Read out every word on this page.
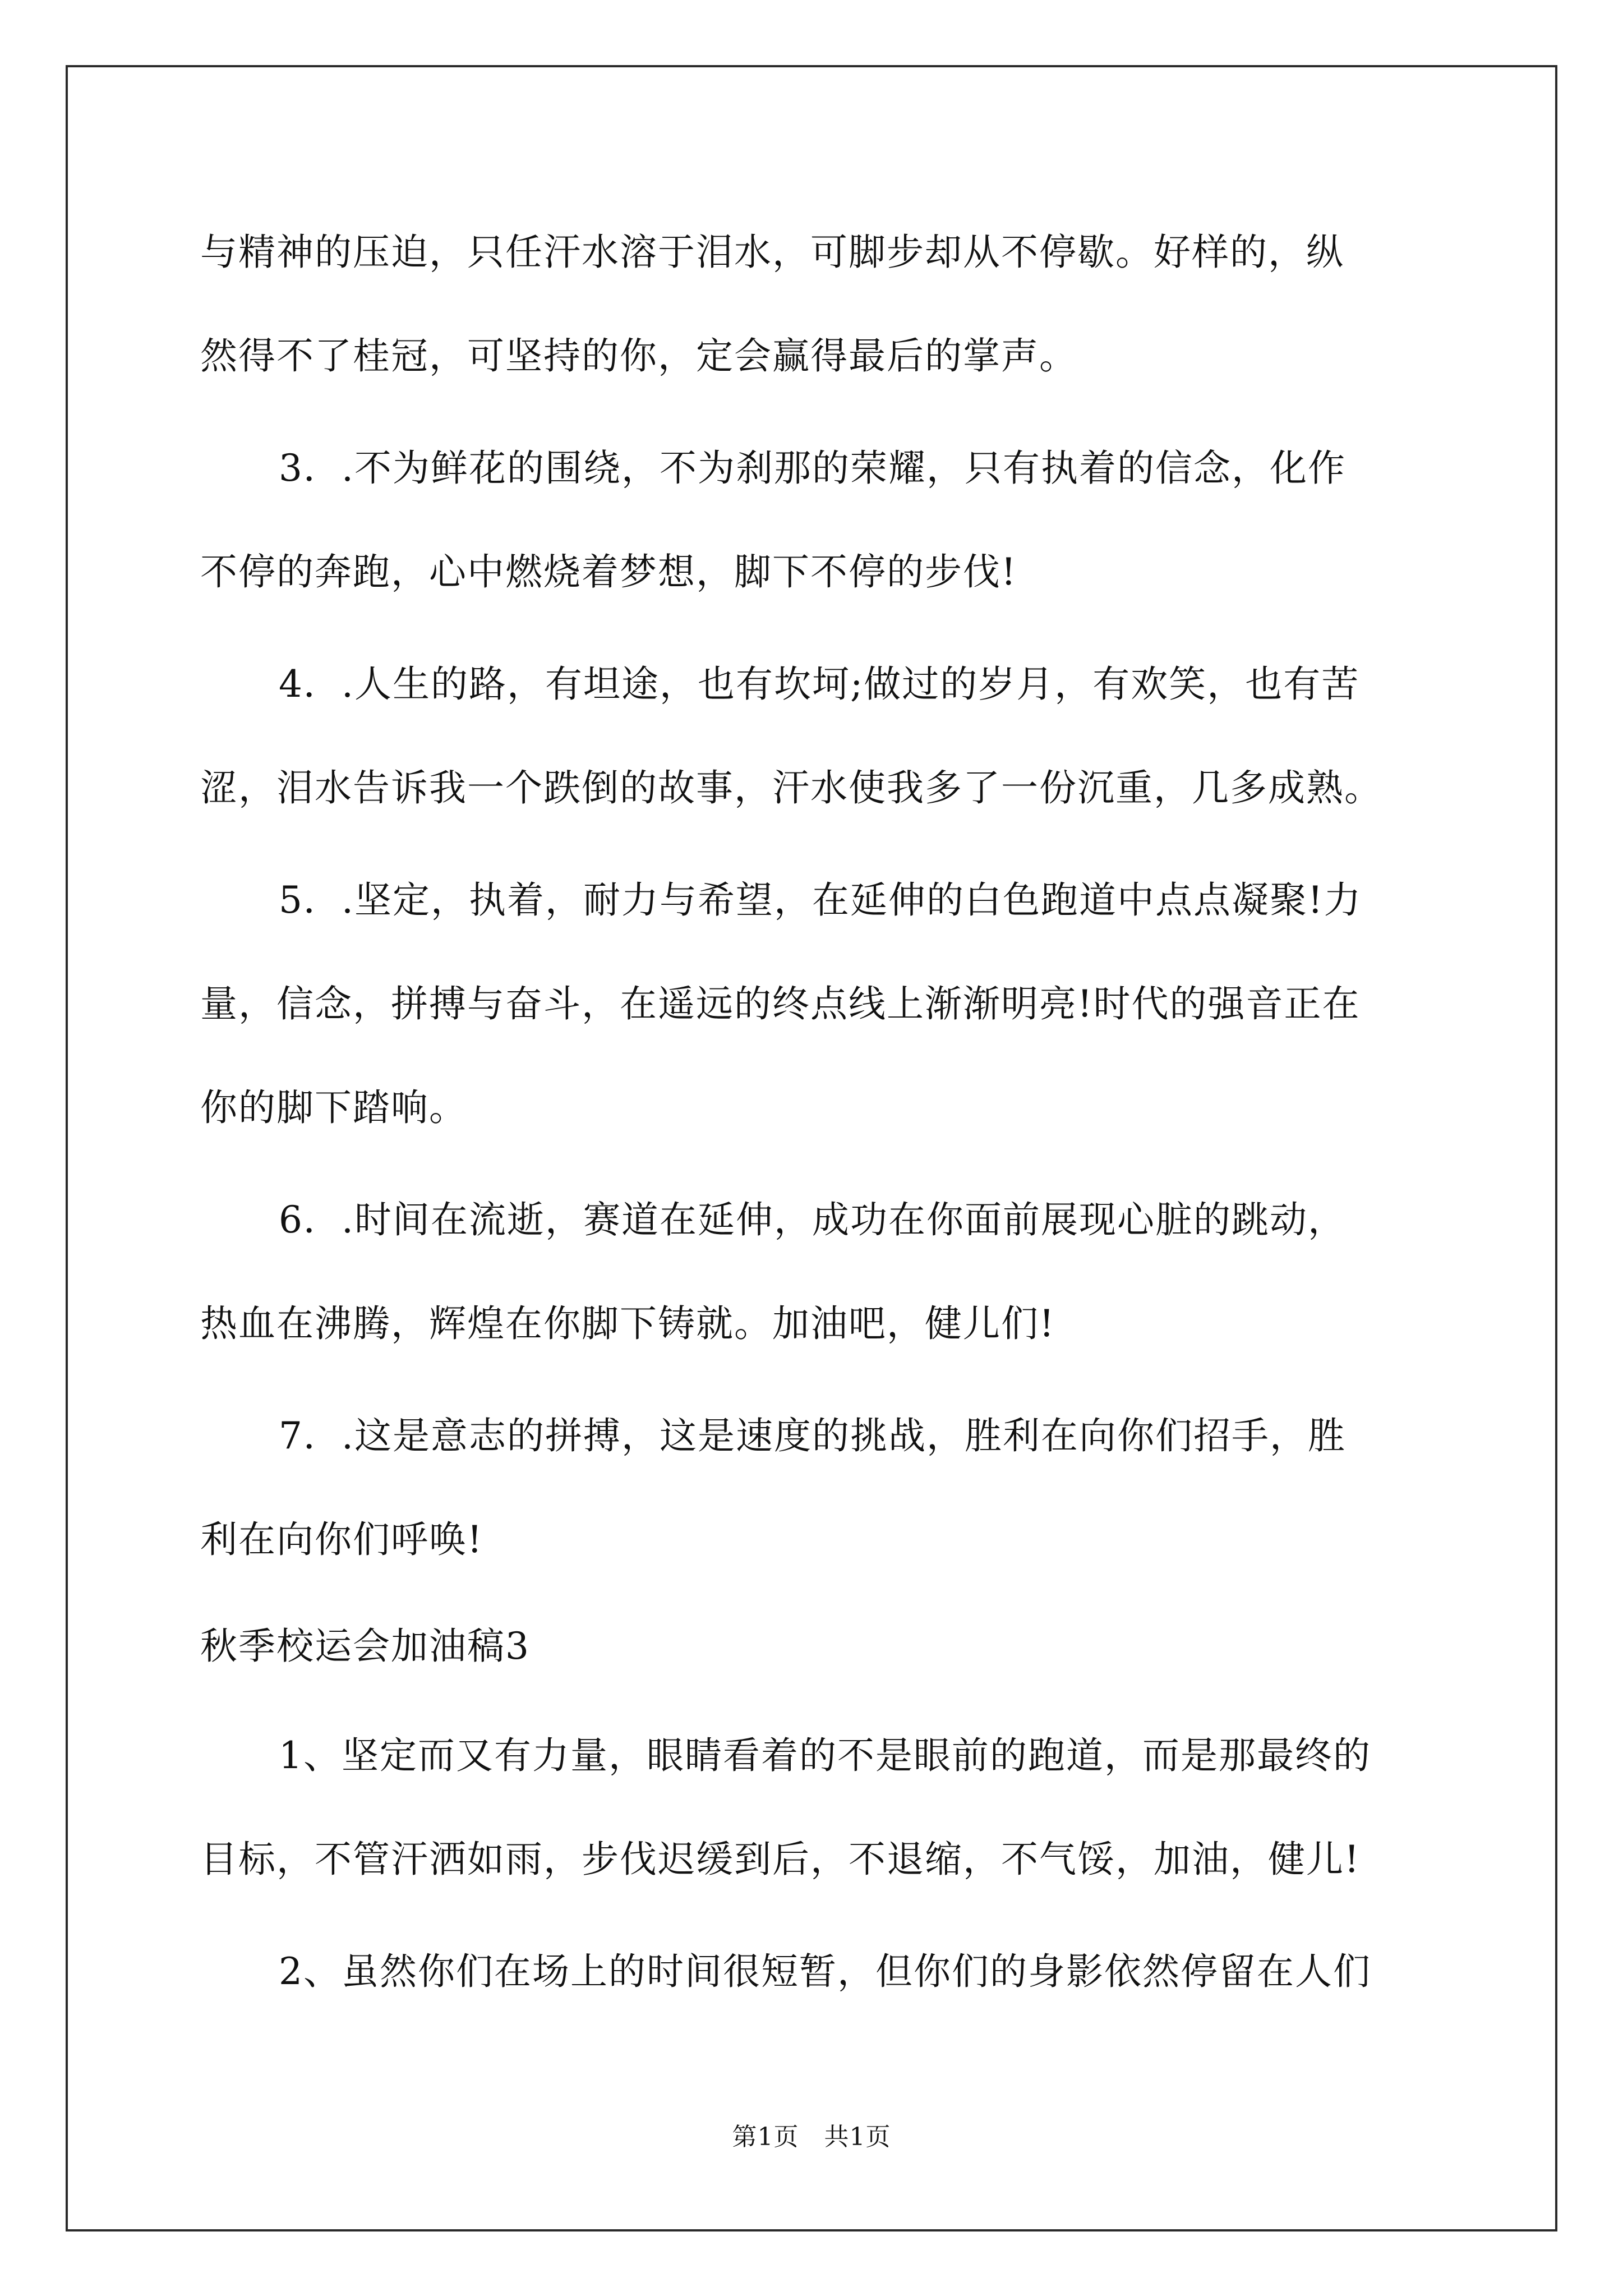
与精神的压迫，只任汗水溶于泪水，可脚步却从不停歇。好样的，纵
然得不了桂冠，可坚持的你，定会赢得最后的掌声。
3．.不为鲜花的围绕，不为刹那的荣耀，只有执着的信念，化作
不停的奔跑，心中燃烧着梦想，脚下不停的步伐!
4．.人生的路，有坦途，也有坎坷;做过的岁月，有欢笑，也有苦
涩，泪水告诉我一个跌倒的故事，汗水使我多了一份沉重，几多成熟。
5．.坚定，执着，耐力与希望，在延伸的白色跑道中点点凝聚!力
量，信念，拼搏与奋斗，在遥远的终点线上渐渐明亮!时代的强音正在
你的脚下踏响。
6．.时间在流逝，赛道在延伸，成功在你面前展现心脏的跳动，
热血在沸腾，辉煌在你脚下铸就。加油吧，健儿们!
7．.这是意志的拼搏，这是速度的挑战，胜利在向你们招手，胜
利在向你们呼唤!
秋季校运会加油稿3
1、坚定而又有力量，眼睛看着的不是眼前的跑道，而是那最终的
目标，不管汗洒如雨，步伐迟缓到后，不退缩，不气馁，加油，健儿!
2、虽然你们在场上的时间很短暂，但你们的身影依然停留在人们
第1页　共1页
